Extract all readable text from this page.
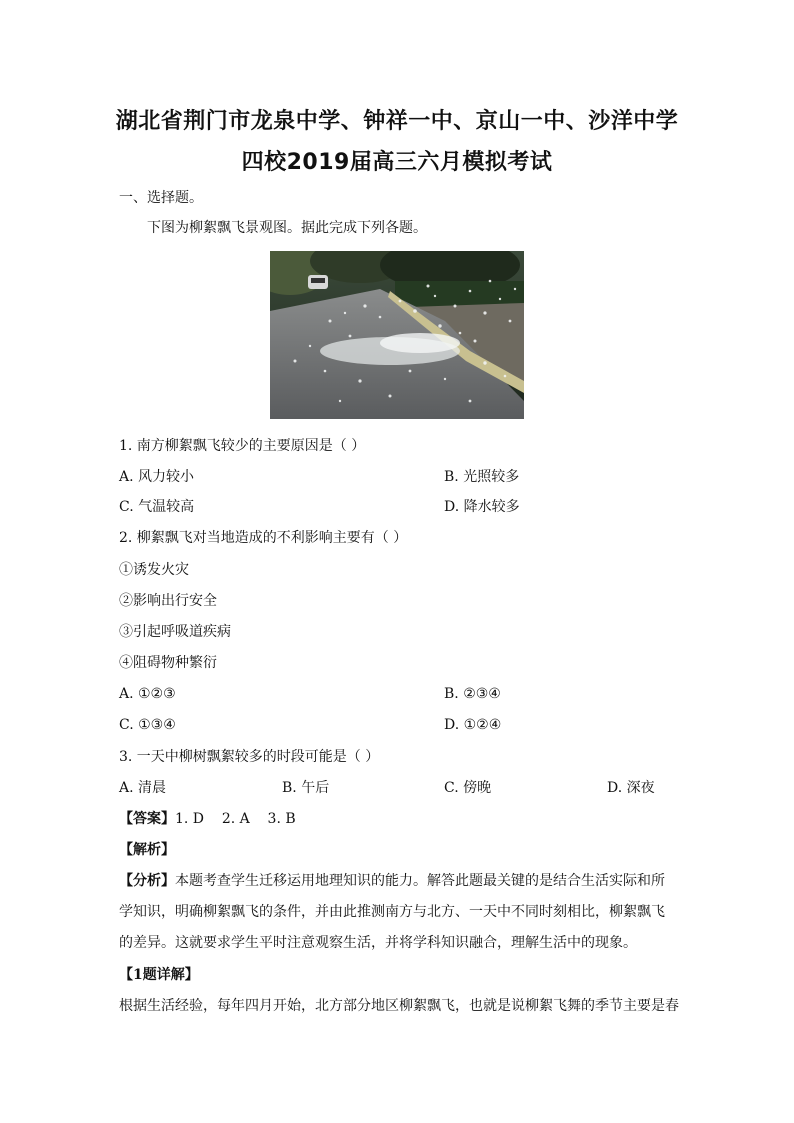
湖北省荆门市龙泉中学、钟祥一中、京山一中、沙洋中学
四校2019届高三六月模拟考试
一、选择题。
下图为柳絮飘飞景观图。据此完成下列各题。
1. 南方柳絮飘飞较少的主要原因是（ ）
A. 风力较小	B. 光照较多
C. 气温较高	D. 降水较多
2. 柳絮飘飞对当地造成的不利影响主要有（ ）
①诱发火灾
②影响出行安全
③引起呼吸道疾病
④阻碍物种繁衍
A. ①②③	B. ②③④
C. ①③④	D. ①②④
3. 一天中柳树飘絮较多的时段可能是（ ）
A. 清晨	B. 午后	C. 傍晚	D. 深夜
【答案】1. D    2. A    3. B
【解析】
【分析】本题考查学生迁移运用地理知识的能力。解答此题最关键的是结合生活实际和所学知识，明确柳絮飘飞的条件，并由此推测南方与北方、一天中不同时刻相比，柳絮飘飞的差异。这就要求学生平时注意观察生活，并将学科知识融合，理解生活中的现象。
【1题详解】
根据生活经验，每年四月开始，北方部分地区柳絮飘飞，也就是说柳絮飞舞的季节主要是春
